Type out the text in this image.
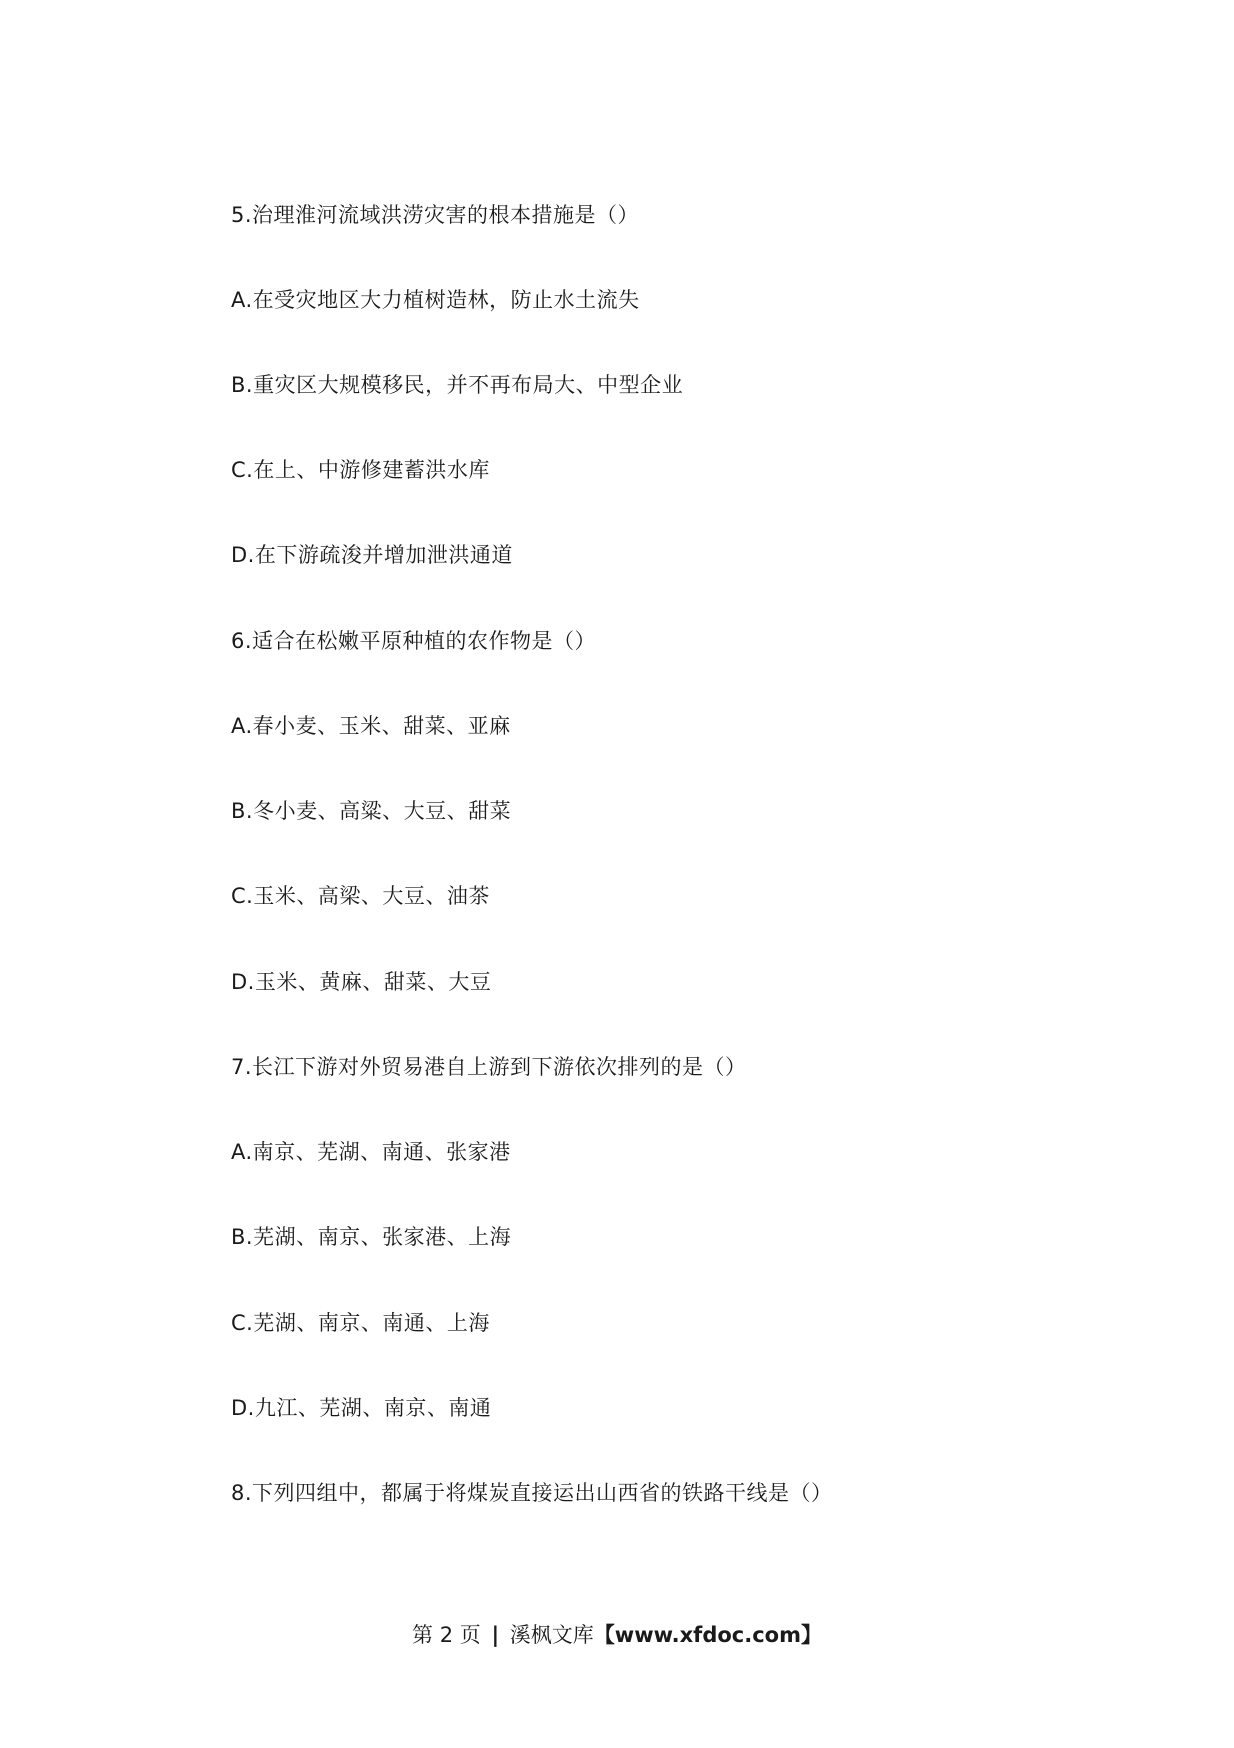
5.治理淮河流域洪涝灾害的根本措施是（）
A.在受灾地区大力植树造林，防止水土流失
B.重灾区大规模移民，并不再布局大、中型企业
C.在上、中游修建蓄洪水库
D.在下游疏浚并增加泄洪通道
6.适合在松嫩平原种植的农作物是（）
A.春小麦、玉米、甜菜、亚麻
B.冬小麦、高粱、大豆、甜菜
C.玉米、高梁、大豆、油茶
D.玉米、黄麻、甜菜、大豆
7.长江下游对外贸易港自上游到下游依次排列的是（）
A.南京、芜湖、南通、张家港
B.芜湖、南京、张家港、上海
C.芜湖、南京、南通、上海
D.九江、芜湖、南京、南通
8.下列四组中，都属于将煤炭直接运出山西省的铁路干线是（）
第 2 页 | 溪枫文库【www.xfdoc.com】
